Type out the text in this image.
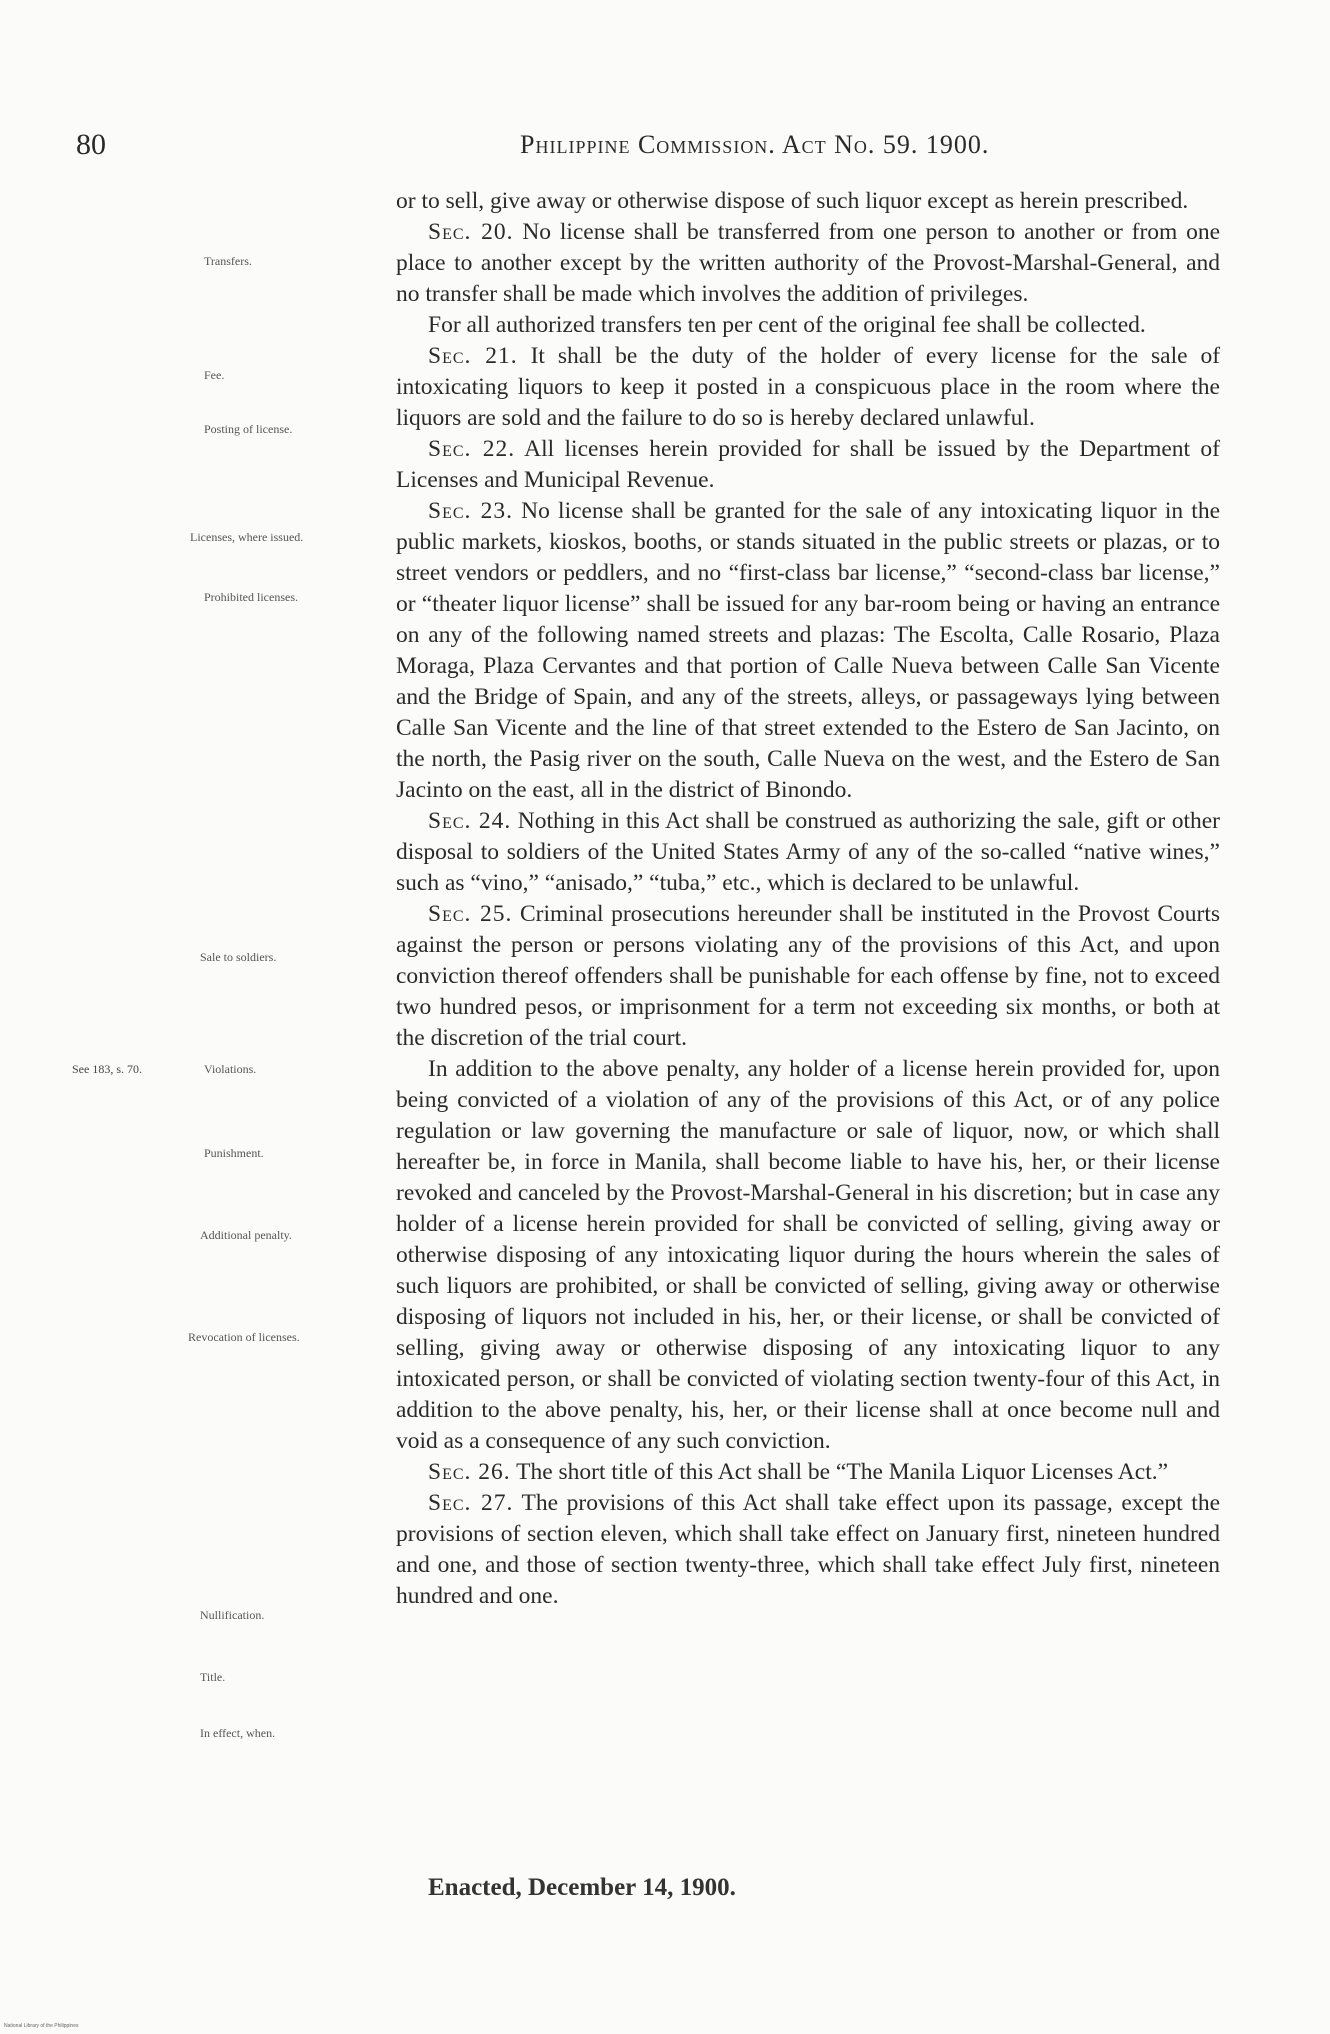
80	Philippine Commission. Act No. 59. 1900.
Transfers.
Fee.
Posting of license.
Licenses, where issued.
Prohibited licenses.
Sale to soldiers.
See 183, s. 70.	Violations.
Punishment.
Additional penalty.
Revocation of licenses.
Nullification.
Title.
In effect, when.

or to sell, give away or otherwise dispose of such liquor except as herein prescribed.

Sec. 20. No license shall be transferred from one person to another or from one place to another except by the written authority of the Provost-Marshal-General, and no transfer shall be made which involves the addition of privileges.

For all authorized transfers ten per cent of the original fee shall be collected.

Sec. 21. It shall be the duty of the holder of every license for the sale of intoxicating liquors to keep it posted in a conspicuous place in the room where the liquors are sold and the failure to do so is hereby declared unlawful.

Sec. 22. All licenses herein provided for shall be issued by the Department of Licenses and Municipal Revenue.

Sec. 23. No license shall be granted for the sale of any intoxicating liquor in the public markets, kioskos, booths, or stands situated in the public streets or plazas, or to street vendors or peddlers, and no “first-class bar license,” “second-class bar license,” or “theater liquor license” shall be issued for any bar-room being or having an entrance on any of the following named streets and plazas: The Escolta, Calle Rosario, Plaza Moraga, Plaza Cervantes and that portion of Calle Nueva between Calle San Vicente and the Bridge of Spain, and any of the streets, alleys, or passageways lying between Calle San Vicente and the line of that street extended to the Estero de San Jacinto, on the north, the Pasig river on the south, Calle Nueva on the west, and the Estero de San Jacinto on the east, all in the district of Binondo.

Sec. 24. Nothing in this Act shall be construed as authorizing the sale, gift or other disposal to soldiers of the United States Army of any of the so-called “native wines,” such as “vino,” “anisado,” “tuba,” etc., which is declared to be unlawful.

Sec. 25. Criminal prosecutions hereunder shall be instituted in the Provost Courts against the person or persons violating any of the provisions of this Act, and upon conviction thereof offenders shall be punishable for each offense by fine, not to exceed two hundred pesos, or imprisonment for a term not exceeding six months, or both at the discretion of the trial court.

In addition to the above penalty, any holder of a license herein provided for, upon being convicted of a violation of any of the provisions of this Act, or of any police regulation or law governing the manufacture or sale of liquor, now, or which shall hereafter be, in force in Manila, shall become liable to have his, her, or their license revoked and canceled by the Provost-Marshal-General in his discretion; but in case any holder of a license herein provided for shall be convicted of selling, giving away or otherwise disposing of any intoxicating liquor during the hours wherein the sales of such liquors are prohibited, or shall be convicted of selling, giving away or otherwise disposing of liquors not included in his, her, or their license, or shall be convicted of selling, giving away or otherwise disposing of any intoxicating liquor to any intoxicated person, or shall be convicted of violating section twenty-four of this Act, in addition to the above penalty, his, her, or their license shall at once become null and void as a consequence of any such conviction.

Sec. 26. The short title of this Act shall be “The Manila Liquor Licenses Act.”

Sec. 27. The provisions of this Act shall take effect upon its passage, except the provisions of section eleven, which shall take effect on January first, nineteen hundred and one, and those of section twenty-three, which shall take effect July first, nineteen hundred and one.

Enacted, December 14, 1900.
National Library of the Philippines
